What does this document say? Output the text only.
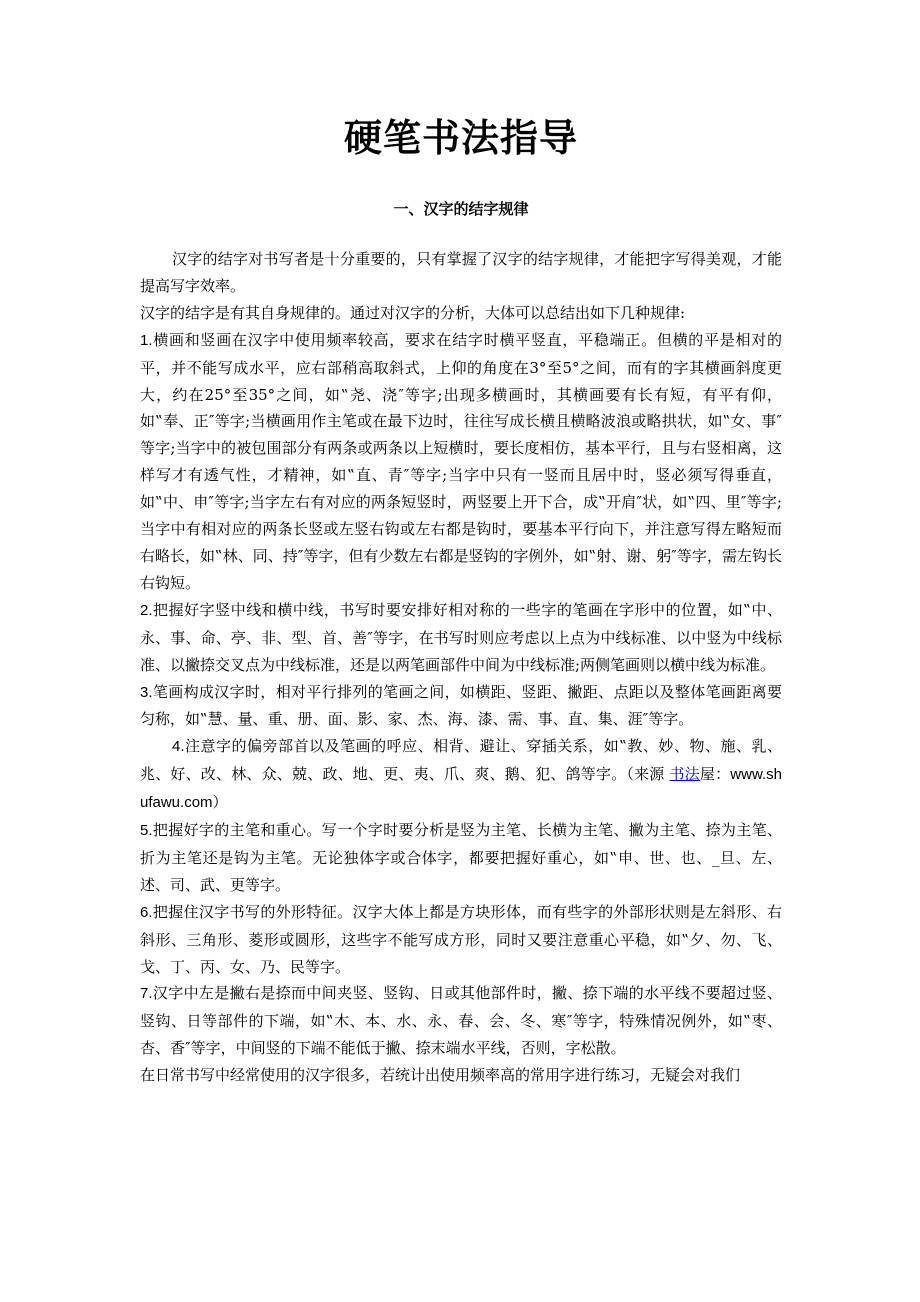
硬笔书法指导
一、汉字的结字规律

汉字的结字对书写者是十分重要的，只有掌握了汉字的结字规律，才能把字写得美观，才能提高写字效率。

汉字的结字是有其自身规律的。通过对汉字的分析，大体可以总结出如下几种规律:

1.横画和竖画在汉字中使用频率较高，要求在结字时横平竖直，平稳端正。但横的平是相对的平，并不能写成水平，应右部稍高取斜式，上仰的角度在3°至5°之间，而有的字其横画斜度更大，约在25°至35°之间，如‟尧、浇″等字;出现多横画时，其横画要有长有短，有平有仰，如‟奉、正″等字;当横画用作主笔或在最下边时，往往写成长横且横略波浪或略拱状，如‟女、事″等字;当字中的被包围部分有两条或两条以上短横时，要长度相仿，基本平行，且与右竖相离，这样写才有透气性，才精神，如‟直、青″等字;当字中只有一竖而且居中时，竖必须写得垂直，如‟中、申″等字;当字左右有对应的两条短竖时，两竖要上开下合，成‟开肩″状，如‟四、里″等字;当字中有相对应的两条长竖或左竖右钩或左右都是钩时，要基本平行向下，并注意写得左略短而右略长，如‟林、同、持″等字，但有少数左右都是竖钩的字例外，如‟射、谢、躬″等字，需左钩长右钩短。

2.把握好字竖中线和横中线，书写时要安排好相对称的一些字的笔画在字形中的位置，如‟中、永、事、命、亭、非、型、首、善″等字，在书写时则应考虑以上点为中线标准、以中竖为中线标准、以撇捺交叉点为中线标准，还是以两笔画部件中间为中线标准;两侧笔画则以横中线为标准。

3.笔画构成汉字时，相对平行排列的笔画之间，如横距、竖距、撇距、点距以及整体笔画距离要匀称，如‟慧、量、重、册、面、影、家、杰、海、漆、需、事、直、集、涯″等字。

4.注意字的偏旁部首以及笔画的呼应、相背、避让、穿插关系，如‟教、妙、物、施、乳、兆、好、改、林、众、兢、政、地、更、夷、爪、爽、鹅、犯、鸽等字。（来源 书法屋：www.shufawu.com）

5.把握好字的主笔和重心。写一个字时要分析是竖为主笔、长横为主笔、撇为主笔、捺为主笔、折为主笔还是钩为主笔。无论独体字或合体字，都要把握好重心，如‟申、世、也、_旦、左、述、司、武、更等字。

6.把握住汉字书写的外形特征。汉字大体上都是方块形体，而有些字的外部形状则是左斜形、右斜形、三角形、菱形或圆形，这些字不能写成方形，同时又要注意重心平稳，如‟夕、勿、飞、戈、丁、丙、女、乃、民等字。

7.汉字中左是撇右是捺而中间夹竖、竖钩、日或其他部件时，撇、捺下端的水平线不要超过竖、竖钩、日等部件的下端，如‟木、本、水、永、春、会、冬、寒″等字，特殊情况例外，如‟枣、杏、香″等字，中间竖的下端不能低于撇、捺末端水平线，否则，字松散。

在日常书写中经常使用的汉字很多，若统计出使用频率高的常用字进行练习，无疑会对我们
